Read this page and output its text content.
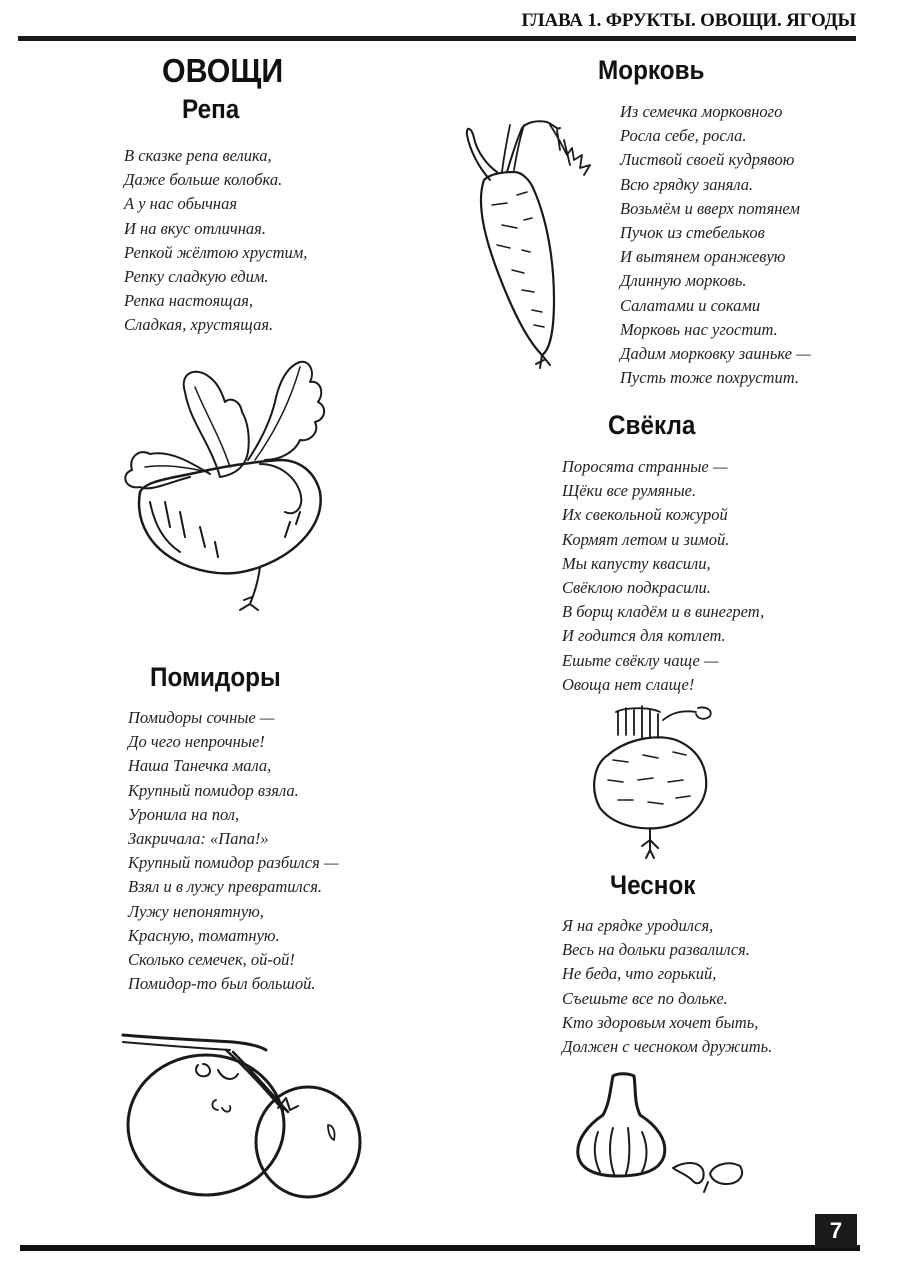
ГЛАВА 1. ФРУКТЫ. ОВОЩИ. ЯГОДЫ
ОВОЩИ
Репа
В сказке репа велика,
Даже больше колобка.
А у нас обычная
И на вкус отличная.
Репкой жёлтою хрустим,
Репку сладкую едим.
Репка настоящая,
Сладкая, хрустящая.
Морковь
Из семечка морковного
Росла себе, росла.
Листвой своей кудрявою
Всю грядку заняла.
Возьмём и вверх потянем
Пучок из стебельков
И вытянем оранжевую
Длинную морковь.
Салатами и соками
Морковь нас угостит.
Дадим морковку заиньке —
Пусть тоже похрустит.
Свёкла
Поросята странные —
Щёки все румяные.
Их свекольной кожурой
Кормят летом и зимой.
Мы капусту квасили,
Свёклою подкрасили.
В борщ кладём и в винегрет,
И годится для котлет.
Ешьте свёклу чаще —
Овоща нет слаще!
Помидоры
Помидоры сочные —
До чего непрочные!
Наша Танечка мала,
Крупный помидор взяла.
Уронила на пол,
Закричала: «Папа!»
Крупный помидор разбился —
Взял и в лужу превратился.
Лужу непонятную,
Красную, томатную.
Сколько семечек, ой-ой!
Помидор-то был большой.
Чеснок
Я на грядке уродился,
Весь на дольки развалился.
Не беда, что горький,
Съешьте все по дольке.
Кто здоровым хочет быть,
Должен с чесноком дружить.
7
